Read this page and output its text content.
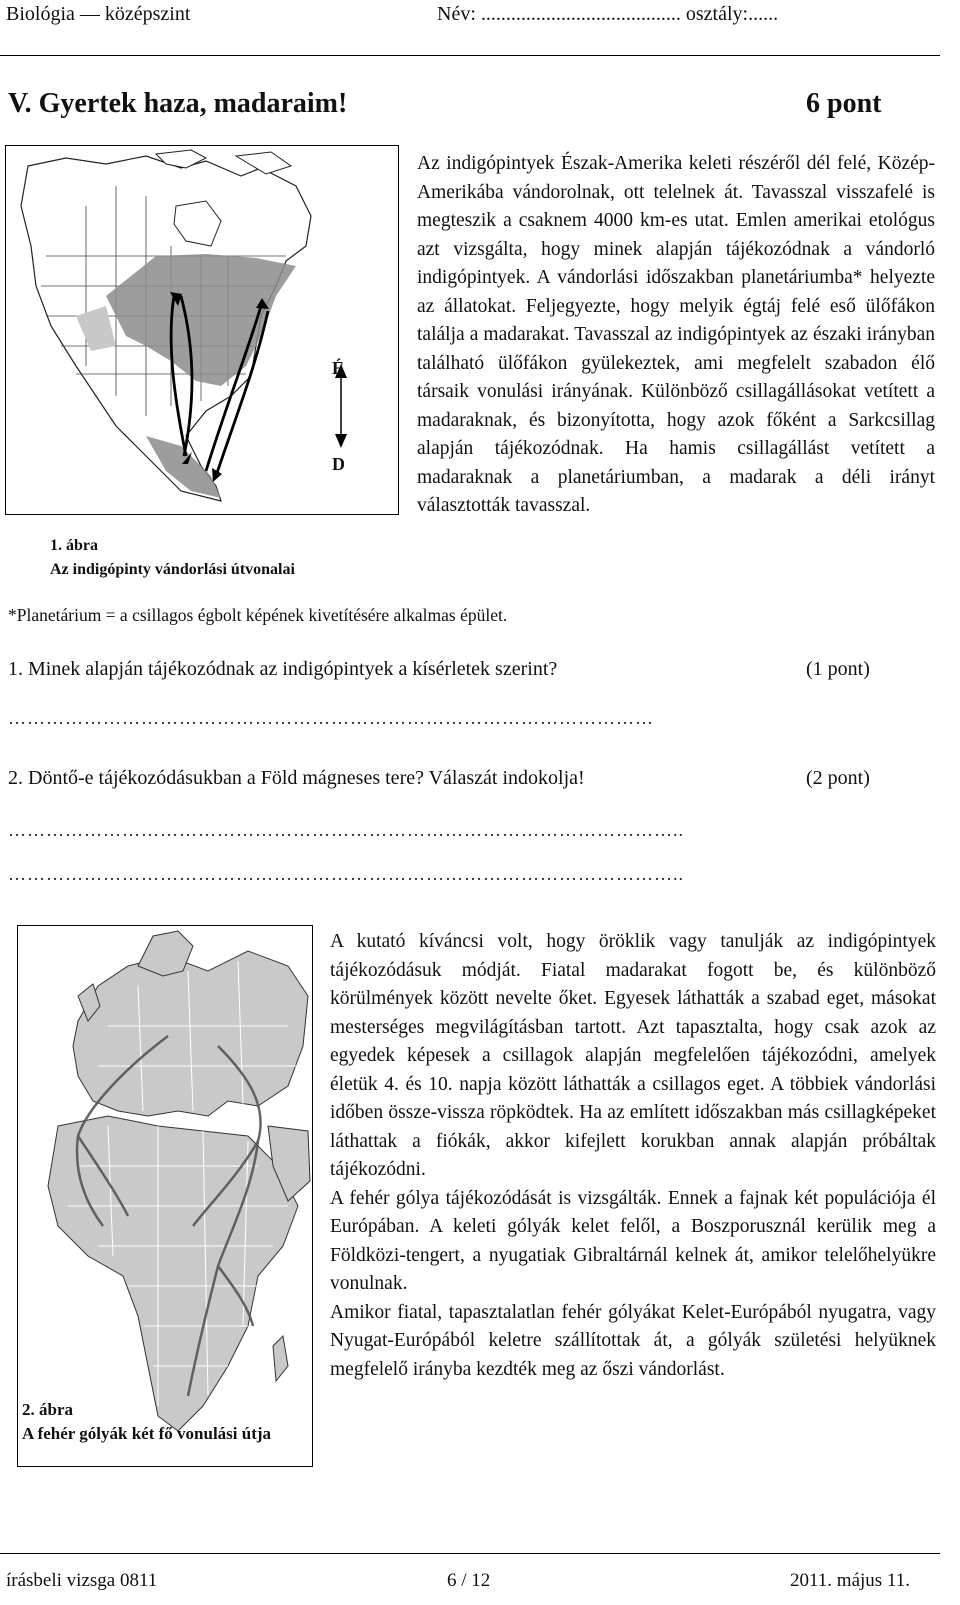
Biológia — középszint	Név: ........................................ osztály:......
V. Gyertek haza, madaraim!	6 pont
É
D
1. ábra
Az indigópinty vándorlási útvonalai

Az indigópintyek Észak-Amerika keleti részéről dél felé, Közép-Amerikába vándorolnak, ott telelnek át. Tavasszal visszafelé is megteszik a csaknem 4000 km-es utat. Emlen amerikai etológus azt vizsgálta, hogy minek alapján tájékozódnak a vándorló indigópintyek. A vándorlási időszakban planetáriumba* helyezte az állatokat. Feljegyezte, hogy melyik égtáj felé eső ülőfákon találja a madarakat. Tavasszal az indigópintyek az északi irányban található ülőfákon gyülekeztek, ami megfelelt szabadon élő társaik vonulási irányának. Különböző csillagállásokat vetített a madaraknak, és bizonyította, hogy azok főként a Sarkcsillag alapján tájékozódnak. Ha hamis csillagállást vetített a madaraknak a planetáriumban, a madarak a déli irányt választották tavasszal.

*Planetárium = a csillagos égbolt képének kivetítésére alkalmas épület.
1. Minek alapján tájékozódnak az indigópintyek a kísérletek szerint?	(1 pont)
…………………………………………………………………………………………
2. Döntő-e tájékozódásukban a Föld mágneses tere? Válaszát indokolja!	(2 pont)
……………………………………………………………………………………………..
……………………………………………………………………………………………..
2. ábra
A fehér gólyák két fő vonulási útja

A kutató kíváncsi volt, hogy öröklik vagy tanulják az indigópintyek tájékozódásuk módját. Fiatal madarakat fogott be, és különböző körülmények között nevelte őket. Egyesek láthatták a szabad eget, másokat mesterséges megvilágításban tartott. Azt tapasztalta, hogy csak azok az egyedek képesek a csillagok alapján megfelelően tájékozódni, amelyek életük 4. és 10. napja között láthatták a csillagos eget. A többiek vándorlási időben össze-vissza röpködtek. Ha az említett időszakban más csillagképeket láthattak a fiókák, akkor kifejlett korukban annak alapján próbáltak tájékozódni.

A fehér gólya tájékozódását is vizsgálták. Ennek a fajnak két populációja él Európában. A keleti gólyák kelet felől, a Boszporusznál kerülik meg a Földközi-tengert, a nyugatiak Gibraltárnál kelnek át, amikor telelőhelyükre vonulnak.

Amikor fiatal, tapasztalatlan fehér gólyákat Kelet-Európából nyugatra, vagy Nyugat-Európából keletre szállítottak át, a gólyák születési helyüknek megfelelő irányba kezdték meg az őszi vándorlást.

írásbeli vizsga 0811	6 / 12	2011. május 11.
